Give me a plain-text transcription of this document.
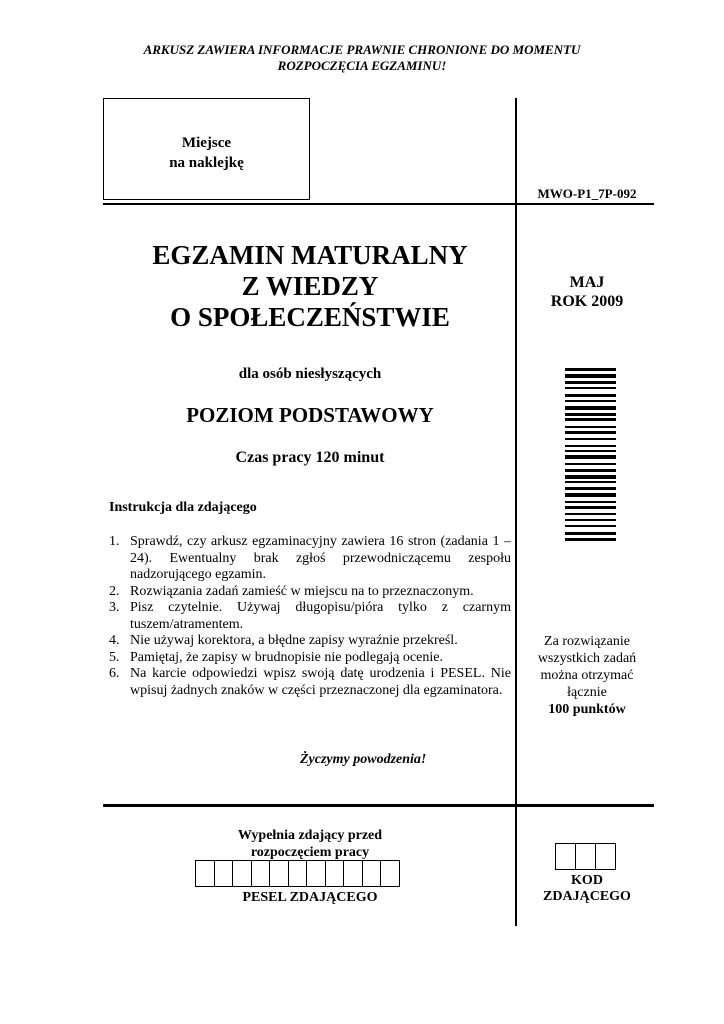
ARKUSZ ZAWIERA INFORMACJE PRAWNIE CHRONIONE DO MOMENTU
ROZPOCZĘCIA EGZAMINU!
Miejsce
na naklejkę
MWO-P1_7P-092
EGZAMIN MATURALNY
Z WIEDZY
O SPOŁECZEŃSTWIE
dla osób niesłyszących
POZIOM PODSTAWOWY
Czas pracy 120 minut
MAJ
ROK 2009
Instrukcja dla zdającego
1. Sprawdź, czy arkusz egzaminacyjny zawiera 16 stron (zadania 1 – 24). Ewentualny brak zgłoś przewodniczącemu zespołu nadzorującego egzamin.
2. Rozwiązania zadań zamieść w miejscu na to przeznaczonym.
3. Pisz czytelnie. Używaj długopisu/pióra tylko z czarnym tuszem/atramentem.
4. Nie używaj korektora, a błędne zapisy wyraźnie przekreśl.
5. Pamiętaj, że zapisy w brudnopisie nie podlegają ocenie.
6. Na karcie odpowiedzi wpisz swoją datę urodzenia i PESEL. Nie wpisuj żadnych znaków w części przeznaczonej dla egzaminatora.
Życzymy powodzenia!
Za rozwiązanie
wszystkich zadań
można otrzymać
łącznie
100 punktów
Wypełnia zdający przed
rozpoczęciem pracy
PESEL ZDAJĄCEGO
KOD
ZDAJĄCEGO
